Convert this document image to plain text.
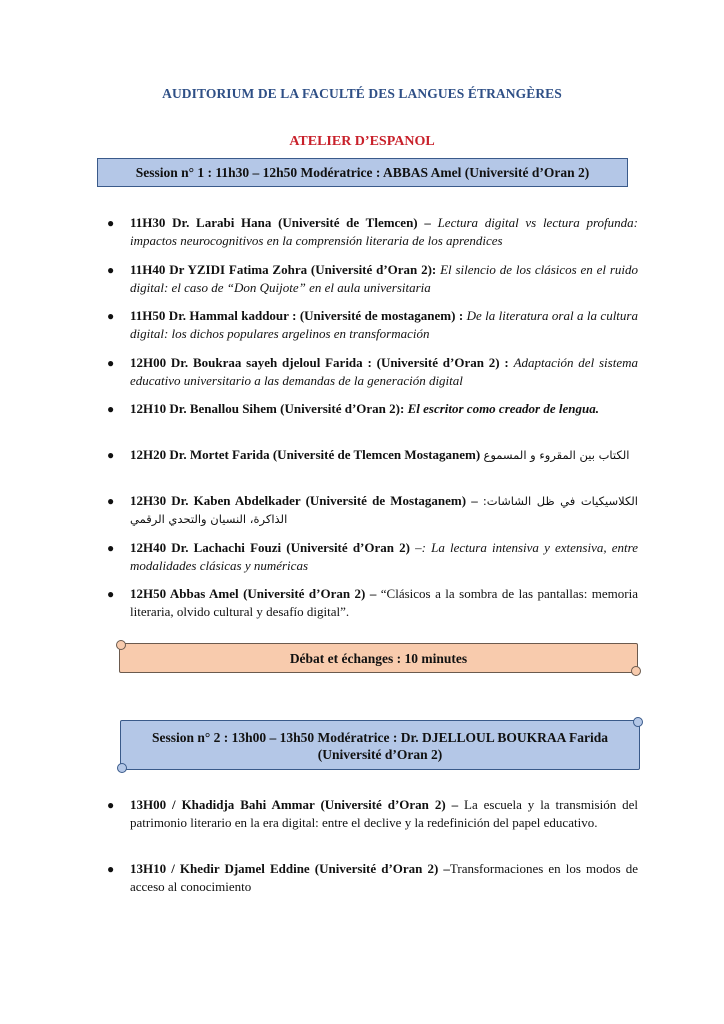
AUDITORIUM DE LA FACULTÉ DES LANGUES ÉTRANGÈRES
ATELIER D’ESPANOL
Session n° 1 : 11h30 – 12h50 Modératrice : ABBAS Amel (Université d’Oran 2)
● 11H30 Dr. Larabi Hana (Université de Tlemcen) – Lectura digital vs lectura profunda: impactos neurocognitivos en la comprensión literaria de los aprendices
● 11H40 Dr YZIDI Fatima Zohra (Université d’Oran 2): El silencio de los clásicos en el ruido digital: el caso de “Don Quijote” en el aula universitaria
● 11H50 Dr. Hammal kaddour : (Université de mostaganem) : De la literatura oral a la cultura digital: los dichos populares argelinos en transformación
● 12H00 Dr. Boukraa sayeh djeloul Farida : (Université d’Oran 2) : Adaptación del sistema educativo universitario a las demandas de la generación digital
● 12H10 Dr. Benallou Sihem (Université d’Oran 2): El escritor como creador de lengua.
● 12H20 Dr. Mortet Farida (Université de Tlemcen Mostaganem) الكتاب بين المقروء و المسموع
● 12H30 Dr. Kaben Abdelkader (Université de Mostaganem) – الكلاسيكيات في ظل الشاشات: الذاكرة، النسيان والتحدي الرقمي
● 12H40 Dr. Lachachi Fouzi (Université d’Oran 2) –: La lectura intensiva y extensiva, entre modalidades clásicas y numéricas
● 12H50 Abbas Amel (Université d’Oran 2) – “Clásicos a la sombra de las pantallas: memoria literaria, olvido cultural y desafío digital”.
Débat et échanges : 10 minutes
Session n° 2 : 13h00 – 13h50 Modératrice : Dr. DJELLOUL BOUKRAA Farida
(Université d’Oran 2)
● 13H00 / Khadidja Bahi Ammar (Université d’Oran 2) – La escuela y la transmisión del patrimonio literario en la era digital: entre el declive y la redefinición del papel educativo.
● 13H10 / Khedir Djamel Eddine (Université d’Oran 2) –Transformaciones en los modos de acceso al conocimiento
